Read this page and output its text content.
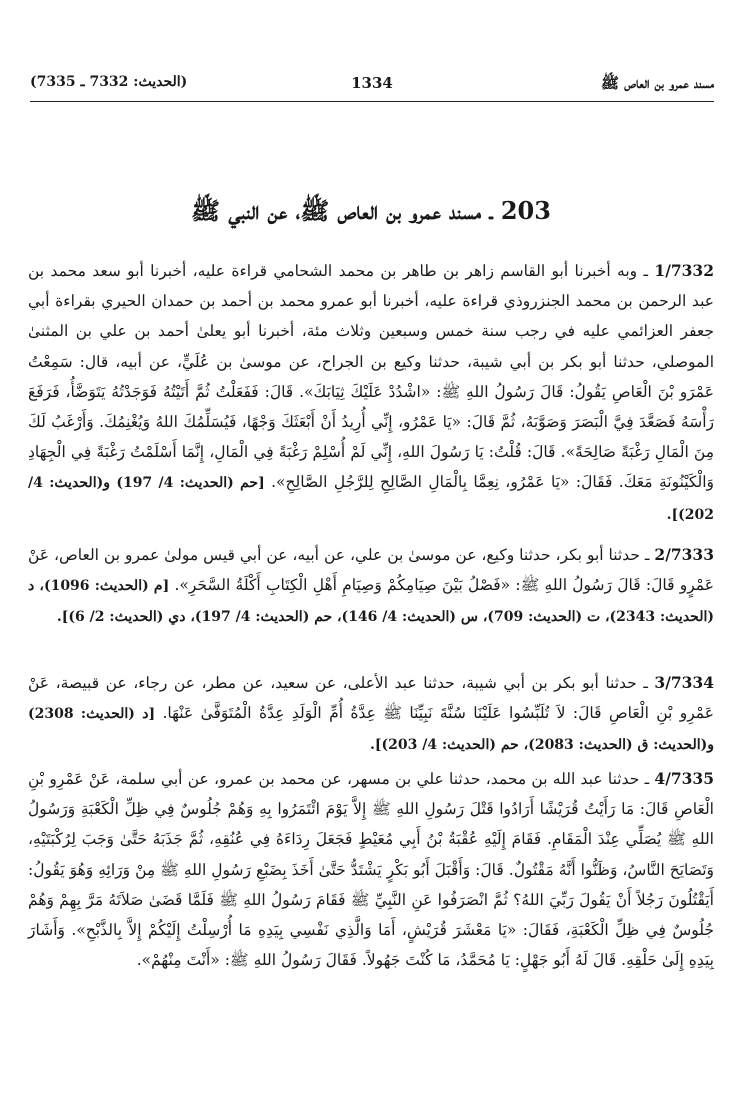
مسند عمرو بن العاص ﷺ
1334
(الحديث: 7332 ـ 7335)
203 ـ مسند عمرو بن العاص ﷺ، عن النبي ﷺ

1/7332 ـ وبه أخبرنا أبو القاسم زاهر بن طاهر بن محمد الشحامي قراءة عليه، أخبرنا أبو سعد محمد بن عبد الرحمن بن محمد الجنزروذي قراءة عليه، أخبرنا أبو عمرو محمد بن أحمد بن حمدان الحيري بقراءة أبي جعفر العزائمي عليه في رجب سنة خمس وسبعين وثلاث مئة، أخبرنا أبو يعلىٰ أحمد بن علي بن المثنىٰ الموصلي، حدثنا أبو بكر بن أبي شيبة، حدثنا وكيع بن الجراح، عن موسىٰ بن عُلَيٍّ، عن أبيه، قال: سَمِعْتُ عَمْرَو بْنَ الْعَاصِ يَقُولُ: قَالَ رَسُولُ اللهِ ﷺ: «اشْدُدْ عَلَيْكَ ثِيَابَكَ». قَالَ: فَفَعَلْتُ ثُمَّ أَتَيْتُهُ فَوَجَدْتُهُ يَتَوَضَّأُ، فَرَفَعَ رَأْسَهُ فَصَعَّدَ فِيَّ الْبَصَرَ وَصَوَّبَهُ، ثُمَّ قَالَ: «يَا عَمْرُو، إِنِّي أُرِيدُ أَنْ أَبْعَثَكَ وَجْهًا، فَيُسَلِّمُكَ اللهُ وَيُغْنِمُكَ. وَأَرْغَبُ لَكَ مِنَ الْمَالِ رَغْبَةً صَالِحَةً». قَالَ: قُلْتُ: يَا رَسُولَ اللهِ، إِنِّي لَمْ أُسْلِمْ رَغْبَةً فِي الْمَالِ، إِنَّمَا أَسْلَمْتُ رَغْبَةً فِي الْجِهَادِ وَالْكَيْنُونَةِ مَعَكَ. فَقَالَ: «يَا عَمْرُو، نِعِمَّا بِالْمَالِ الصَّالِحِ لِلرَّجُلِ الصَّالِحِ». [حم (الحديث: 4/ 197) و(الحديث: 4/ 202)].

2/7333 ـ حدثنا أبو بكر، حدثنا وكيع، عن موسىٰ بن علي، عن أبيه، عن أبي قيس مولىٰ عمرو بن العاص، عَنْ عَمْرٍو قَالَ: قَالَ رَسُولُ اللهِ ﷺ: «فَصْلُ بَيْنَ صِيَامِكُمْ وَصِيَامِ أَهْلِ الْكِتَابِ أَكْلَةُ السَّحَرِ». [م (الحديث: 1096)، د (الحديث: 2343)، ت (الحديث: 709)، س (الحديث: 4/ 146)، حم (الحديث: 4/ 197)، دي (الحديث: 2/ 6)].

3/7334 ـ حدثنا أبو بكر بن أبي شيبة، حدثنا عبد الأعلى، عن سعيد، عن مطر، عن رجاء، عن قبيصة، عَنْ عَمْرِو بْنِ الْعَاصِ قَالَ: لاَ تُلَبِّسُوا عَلَيْنَا سُنَّةَ نَبِيِّنَا ﷺ عِدَّةُ أُمِّ الْوَلَدِ عِدَّةُ الْمُتَوَفَّىٰ عَنْهَا. [د (الحديث: 2308) و(الحديث: ق (الحديث: 2083)، حم (الحديث: 4/ 203)].

4/7335 ـ حدثنا عبد الله بن محمد، حدثنا علي بن مسهر، عن محمد بن عمرو، عن أبي سلمة، عَنْ عَمْرِو بْنِ الْعَاصِ قَالَ: مَا رَأَيْتُ قُرَيْشًا أَرَادُوا قَتْلَ رَسُولِ اللهِ ﷺ إِلاَّ يَوْمَ ائْتَمَرُوا بِهِ وَهُمْ جُلُوسٌ فِي ظِلِّ الْكَعْبَةِ وَرَسُولُ اللهِ ﷺ يُصَلِّي عِنْدَ الْمَقَامِ. فَقَامَ إِلَيْهِ عُقْبَةُ بْنُ أَبِي مُعَيْطٍ فَجَعَلَ رِدَاءَهُ فِي عُنُقِهِ، ثُمَّ جَذَبَهُ حَتَّىٰ وَجَبَ لِرُكْبَتَيْهِ، وَتَصَايَحَ النَّاسُ، وَظَنُّوا أَنَّهُ مَقْتُولٌ. قَالَ: وَأَقْبَلَ أَبُو بَكْرٍ يَشْتَدُّ حَتَّىٰ أَخَذَ بِضَبْعِ رَسُولِ اللهِ ﷺ مِنْ وَرَائِهِ وَهُوَ يَقُولُ: أَيَقْتُلُونَ رَجُلاً أَنْ يَقُولَ رَبِّيَ اللهُ؟ ثُمَّ انْصَرَفُوا عَنِ النَّبِيِّ ﷺ فَقَامَ رَسُولُ اللهِ ﷺ فَلَمَّا قَضَىٰ صَلاَتَهُ مَرَّ بِهِمْ وَهُمْ جُلُوسٌ فِي ظِلِّ الْكَعْبَةِ، فَقَالَ: «يَا مَعْشَرَ قُرَيْشٍ، أَمَا وَالَّذِي نَفْسِي بِيَدِهِ مَا أُرْسِلْتُ إِلَيْكُمْ إِلاَّ بِالذَّبْحِ». وَأَشَارَ بِيَدِهِ إِلَىٰ حَلْقِهِ. قَالَ لَهُ أَبُو جَهْلٍ: يَا مُحَمَّدُ، مَا كُنْتَ جَهُولاً. فَقَالَ رَسُولُ اللهِ ﷺ: «أَنْتَ مِنْهُمْ».
